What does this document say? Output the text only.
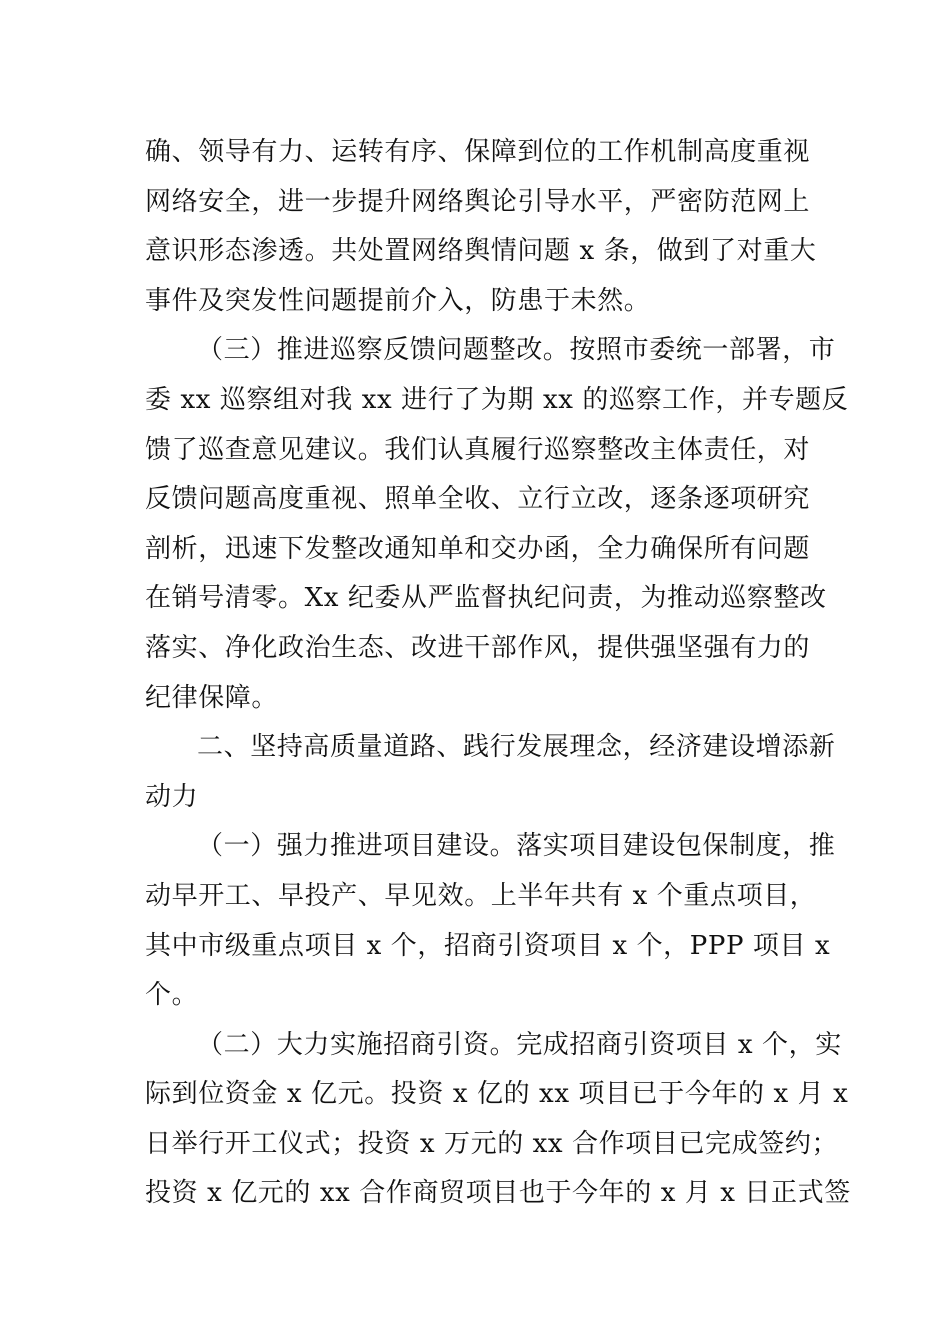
确、领导有力、运转有序、保障到位的工作机制高度重视
网络安全，进一步提升网络舆论引导水平，严密防范网上
意识形态渗透。共处置网络舆情问题 x 条，做到了对重大
事件及突发性问题提前介入，防患于未然。
（三）推进巡察反馈问题整改。按照市委统一部署，市
委 xx 巡察组对我 xx 进行了为期 xx 的巡察工作，并专题反
馈了巡查意见建议。我们认真履行巡察整改主体责任，对
反馈问题高度重视、照单全收、立行立改，逐条逐项研究
剖析，迅速下发整改通知单和交办函，全力确保所有问题
在销号清零。Xx 纪委从严监督执纪问责，为推动巡察整改
落实、净化政治生态、改进干部作风，提供强坚强有力的
纪律保障。
二、坚持高质量道路、践行发展理念，经济建设增添新
动力
（一）强力推进项目建设。落实项目建设包保制度，推
动早开工、早投产、早见效。上半年共有 x 个重点项目，
其中市级重点项目 x 个，招商引资项目 x 个，PPP 项目 x
个。
（二）大力实施招商引资。完成招商引资项目 x 个，实
际到位资金 x 亿元。投资 x 亿的 xx 项目已于今年的 x 月 x
日举行开工仪式；投资 x 万元的 xx 合作项目已完成签约；
投资 x 亿元的 xx 合作商贸项目也于今年的 x 月 x 日正式签
